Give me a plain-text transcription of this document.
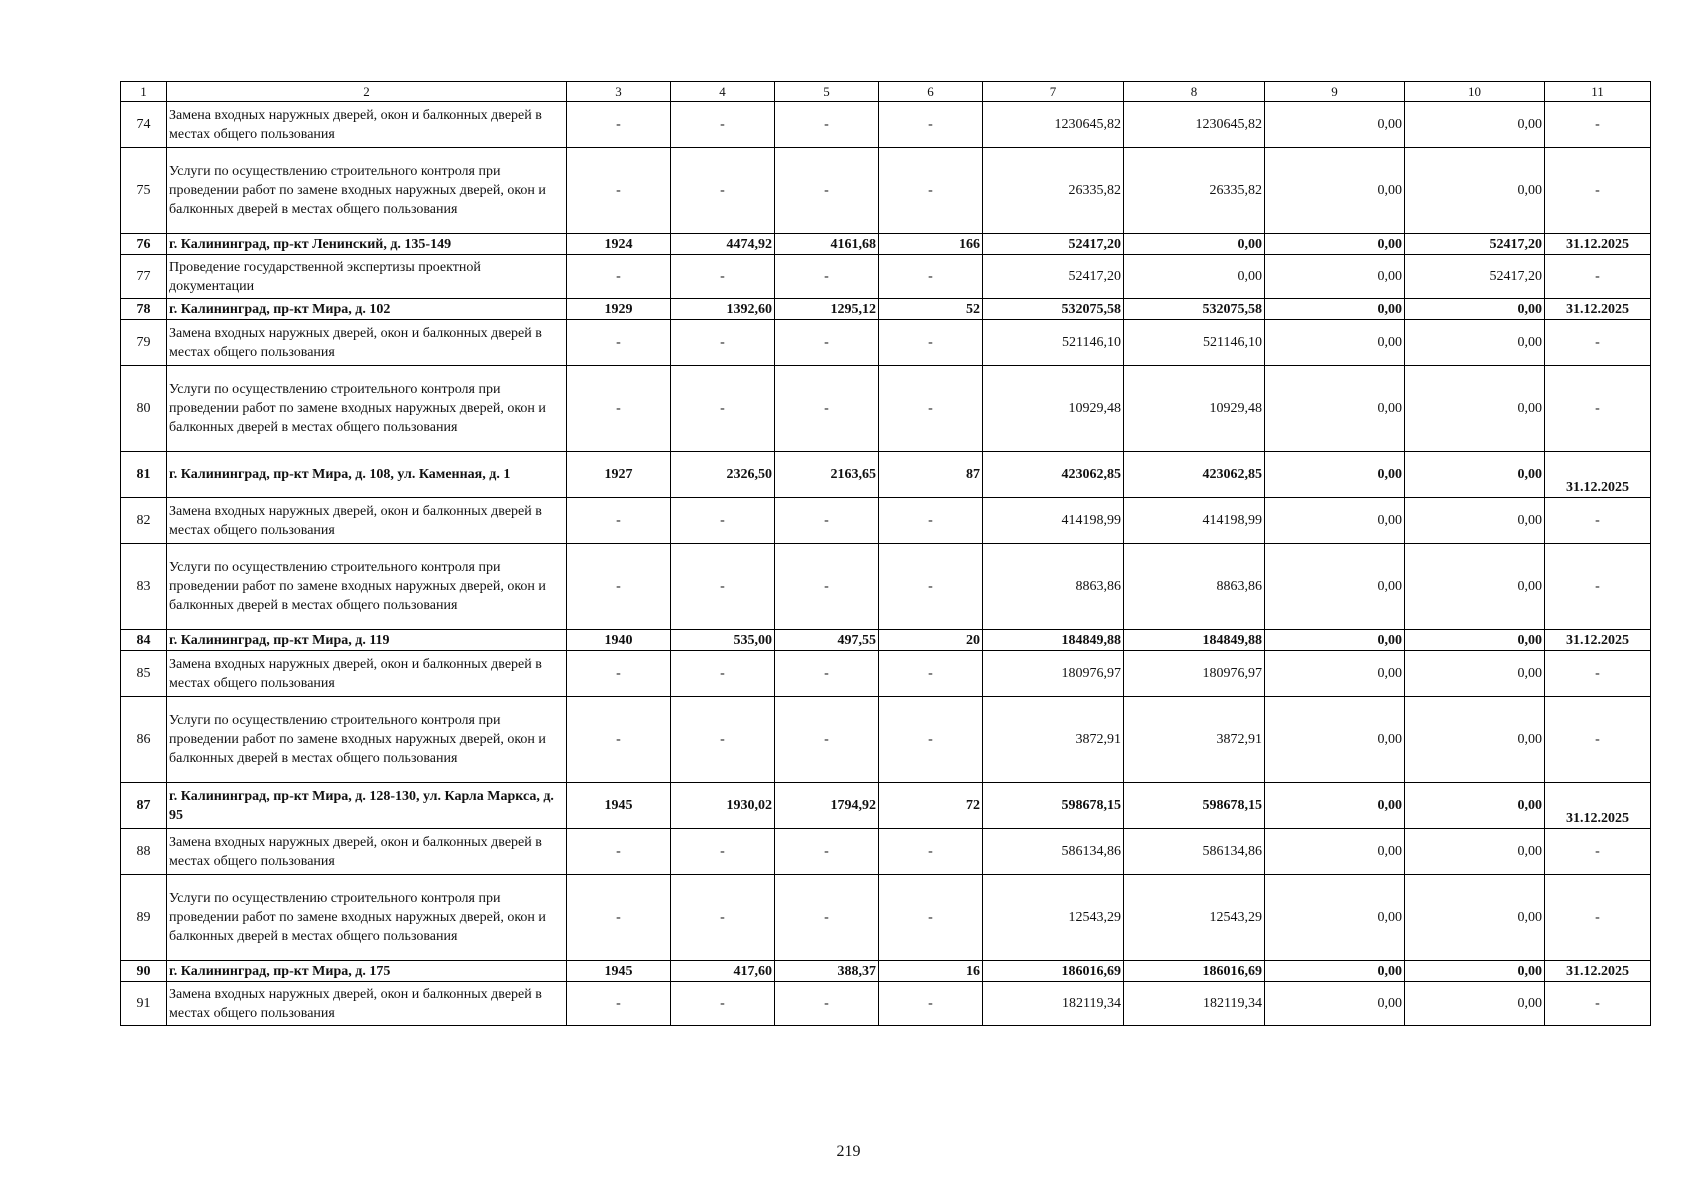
1	2	3	4	5	6	7	8	9	10	11
74	Замена входных наружных дверей, окон и балконных дверей в местах общего пользования	-	-	-	-	1230645,82	1230645,82	0,00	0,00	-
75	Услуги по осуществлению строительного контроля при проведении работ по замене входных наружных дверей, окон и балконных дверей в местах общего пользования	-	-	-	-	26335,82	26335,82	0,00	0,00	-
76	г. Калининград, пр-кт Ленинский, д. 135-149	1924	4474,92	4161,68	166	52417,20	0,00	0,00	52417,20	31.12.2025
77	Проведение государственной экспертизы проектной документации	-	-	-	-	52417,20	0,00	0,00	52417,20	-
78	г. Калининград, пр-кт Мира, д. 102	1929	1392,60	1295,12	52	532075,58	532075,58	0,00	0,00	31.12.2025
79	Замена входных наружных дверей, окон и балконных дверей в местах общего пользования	-	-	-	-	521146,10	521146,10	0,00	0,00	-
80	Услуги по осуществлению строительного контроля при проведении работ по замене входных наружных дверей, окон и балконных дверей в местах общего пользования	-	-	-	-	10929,48	10929,48	0,00	0,00	-
81	г. Калининград, пр-кт Мира, д. 108, ул. Каменная, д. 1	1927	2326,50	2163,65	87	423062,85	423062,85	0,00	0,00	31.12.2025
82	Замена входных наружных дверей, окон и балконных дверей в местах общего пользования	-	-	-	-	414198,99	414198,99	0,00	0,00	-
83	Услуги по осуществлению строительного контроля при проведении работ по замене входных наружных дверей, окон и балконных дверей в местах общего пользования	-	-	-	-	8863,86	8863,86	0,00	0,00	-
84	г. Калининград, пр-кт Мира, д. 119	1940	535,00	497,55	20	184849,88	184849,88	0,00	0,00	31.12.2025
85	Замена входных наружных дверей, окон и балконных дверей в местах общего пользования	-	-	-	-	180976,97	180976,97	0,00	0,00	-
86	Услуги по осуществлению строительного контроля при проведении работ по замене входных наружных дверей, окон и балконных дверей в местах общего пользования	-	-	-	-	3872,91	3872,91	0,00	0,00	-
87	г. Калининград, пр-кт Мира, д. 128-130, ул. Карла Маркса, д. 95	1945	1930,02	1794,92	72	598678,15	598678,15	0,00	0,00	31.12.2025
88	Замена входных наружных дверей, окон и балконных дверей в местах общего пользования	-	-	-	-	586134,86	586134,86	0,00	0,00	-
89	Услуги по осуществлению строительного контроля при проведении работ по замене входных наружных дверей, окон и балконных дверей в местах общего пользования	-	-	-	-	12543,29	12543,29	0,00	0,00	-
90	г. Калининград, пр-кт Мира, д. 175	1945	417,60	388,37	16	186016,69	186016,69	0,00	0,00	31.12.2025
91	Замена входных наружных дверей, окон и балконных дверей в местах общего пользования	-	-	-	-	182119,34	182119,34	0,00	0,00	-
219
